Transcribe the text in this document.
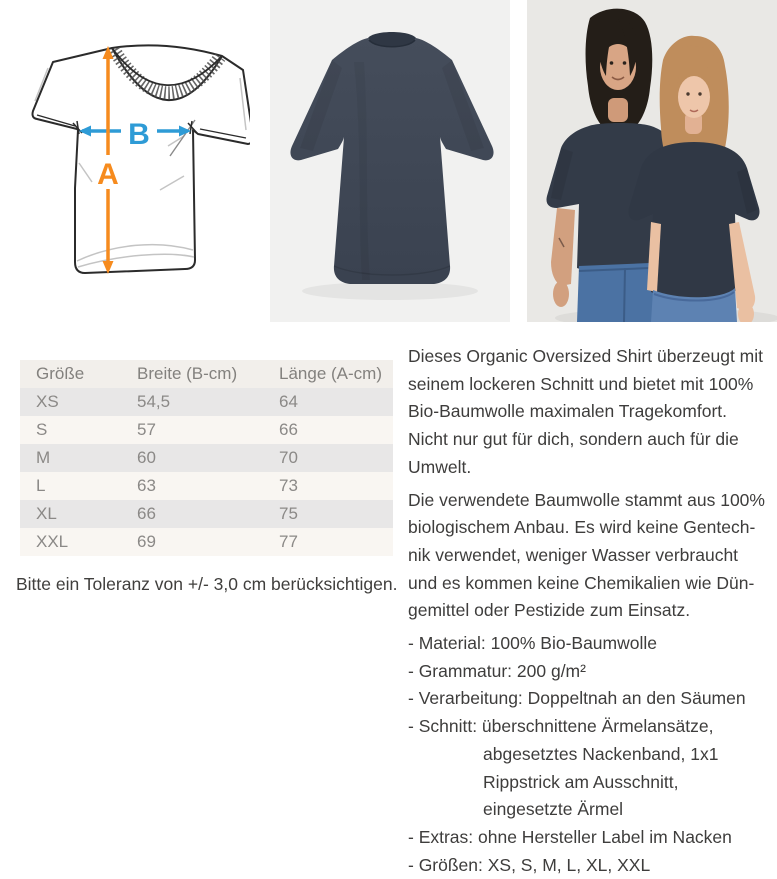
B
A
Größe	Breite (B-cm)	Länge (A-cm)
XS	54,5	64
S	57	66
M	60	70
L	63	73
XL	66	75
XXL	69	77
Bitte ein Toleranz von +/- 3,0 cm berücksichtigen.
Dieses Organic Oversized Shirt überzeugt mit
seinem lockeren Schnitt und bietet mit 100%
Bio-Baumwolle maximalen Tragekomfort.
Nicht nur gut für dich, sondern auch für die
Umwelt.
Die verwendete Baumwolle stammt aus 100%
biologischem Anbau. Es wird keine Gentech-
nik verwendet, weniger Wasser verbraucht
und es kommen keine Chemikalien wie Dün-
gemittel oder Pestizide zum Einsatz.
- Material: 100% Bio-Baumwolle
- Grammatur: 200 g/m²
- Verarbeitung: Doppeltnah an den Säumen
- Schnitt: überschnittene Ärmelansätze,
abgesetztes Nackenband, 1x1
Rippstrick am Ausschnitt,
eingesetzte Ärmel
- Extras: ohne Hersteller Label im Nacken
- Größen: XS, S, M, L, XL, XXL
